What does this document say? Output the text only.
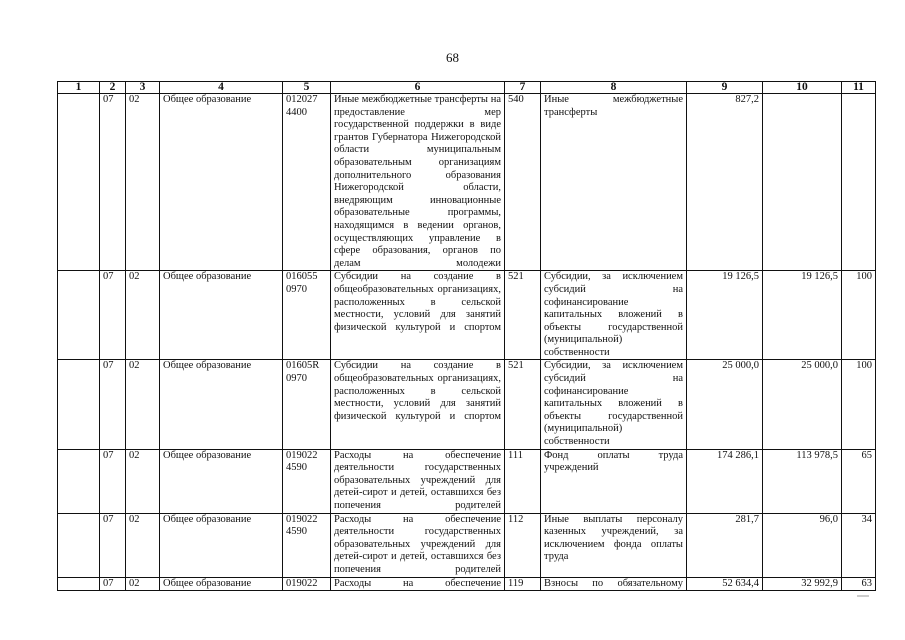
68
1	2	3	4	5	6	7	8	9	10	11
	07	02	Общее образование	012027 4400	Иные межбюджетные трансферты на предоставление мер государственной поддержки в виде грантов Губернатора Нижегородской области муниципальным образовательным организациям дополнительного образования Нижегородской области, внедряющим инновационные образовательные программы, находящимся в ведении органов, осуществляющих управление в сфере образования, органов по делам молодежи	540	Иные межбюджетные трансферты	827,2		
	07	02	Общее образование	016055 0970	Субсидии на создание в общеобразовательных организациях, расположенных в сельской местности, условий для занятий физической культурой и спортом	521	Субсидии, за исключением субсидий на софинансирование капитальных вложений в объекты государственной (муниципальной) собственности	19 126,5	19 126,5	100
	07	02	Общее образование	01605R 0970	Субсидии на создание в общеобразовательных организациях, расположенных в сельской местности, условий для занятий физической культурой и спортом	521	Субсидии, за исключением субсидий на софинансирование капитальных вложений в объекты государственной (муниципальной) собственности	25 000,0	25 000,0	100
	07	02	Общее образование	019022 4590	Расходы на обеспечение деятельности государственных образовательных учреждений для детей-сирот и детей, оставшихся без попечения родителей	111	Фонд оплаты труда учреждений	174 286,1	113 978,5	65
	07	02	Общее образование	019022 4590	Расходы на обеспечение деятельности государственных образовательных учреждений для детей-сирот и детей, оставшихся без попечения родителей	112	Иные выплаты персоналу казенных учреждений, за исключением фонда оплаты труда	281,7	96,0	34
	07	02	Общее образование	019022	Расходы на обеспечение	119	Взносы по обязательному	52 634,4	32 992,9	63
